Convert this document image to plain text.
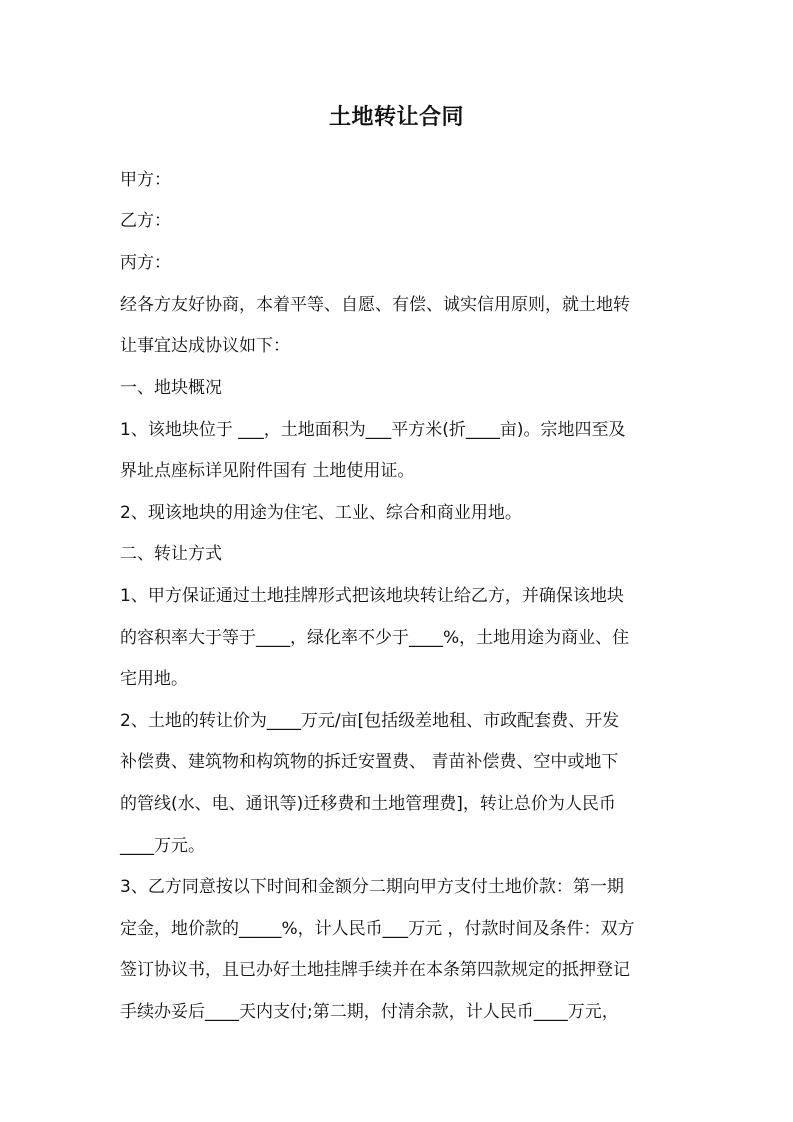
土地转让合同
甲方：
乙方：
丙方：
经各方友好协商，本着平等、自愿、有偿、诚实信用原则，就土地转
让事宜达成协议如下：
一、地块概况
1、该地块位于 ___，土地面积为___平方米(折____亩)。宗地四至及
界址点座标详见附件国有 土地使用证。
2、现该地块的用途为住宅、工业、综合和商业用地。
二、转让方式
1、甲方保证通过土地挂牌形式把该地块转让给乙方，并确保该地块
的容积率大于等于____，绿化率不少于____%，土地用途为商业、住
宅用地。
2、土地的转让价为____万元/亩[包括级差地租、市政配套费、开发
补偿费、建筑物和构筑物的拆迁安置费、 青苗补偿费、空中或地下
的管线(水、电、通讯等)迁移费和土地管理费]，转让总价为人民币
____万元。
3、乙方同意按以下时间和金额分二期向甲方支付土地价款：第一期
定金，地价款的_____%，计人民币___万元 ，付款时间及条件：双方
签订协议书，且已办好土地挂牌手续并在本条第四款规定的抵押登记
手续办妥后____天内支付;第二期，付清余款，计人民币____万元，
